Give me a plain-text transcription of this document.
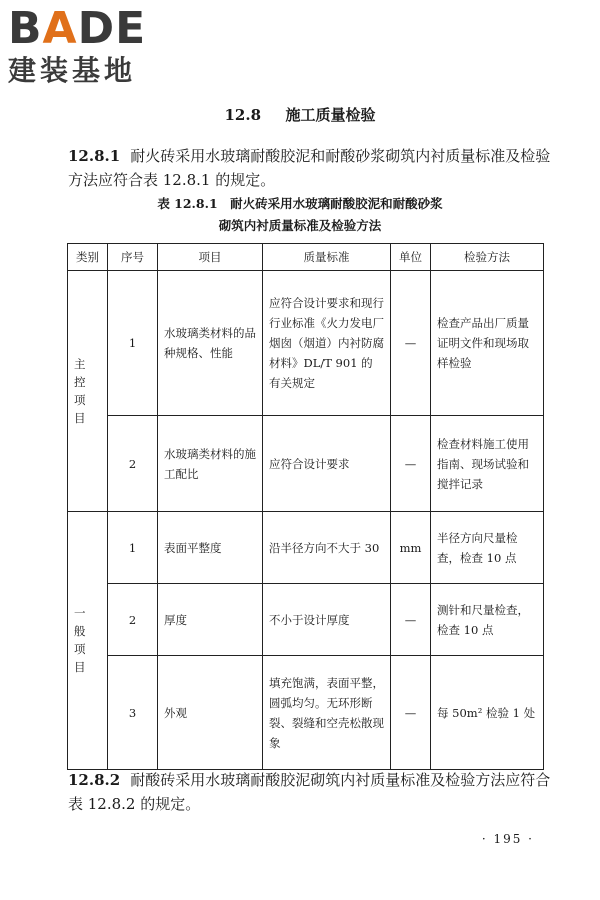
BADE
建装基地
12.8 施工质量检验
12.8.1 耐火砖采用水玻璃耐酸胶泥和耐酸砂浆砌筑内衬质量标准及检验方法应符合表 12.8.1 的规定。
表 12.8.1　耐火砖采用水玻璃耐酸胶泥和耐酸砂浆
砌筑内衬质量标准及检验方法
类别	序号	项目	质量标准	单位	检验方法
主控项目	1	水玻璃类材料的品种规格、性能	应符合设计要求和现行行业标准《火力发电厂烟囱（烟道）内衬防腐材料》DL/T 901 的有关规定	—	检查产品出厂质量证明文件和现场取样检验
	2	水玻璃类材料的施工配比	应符合设计要求	—	检查材料施工使用指南、现场试验和搅拌记录
一般项目	1	表面平整度	沿半径方向不大于 30	mm	半径方向尺量检查，检查 10 点
	2	厚度	不小于设计厚度	—	测针和尺量检查，检查 10 点
	3	外观	填充饱满，表面平整，圆弧均匀。无环形断裂、裂缝和空壳松散现象	—	每 50m² 检验 1 处
12.8.2 耐酸砖采用水玻璃耐酸胶泥砌筑内衬质量标准及检验方法应符合表 12.8.2 的规定。
· 195 ·
